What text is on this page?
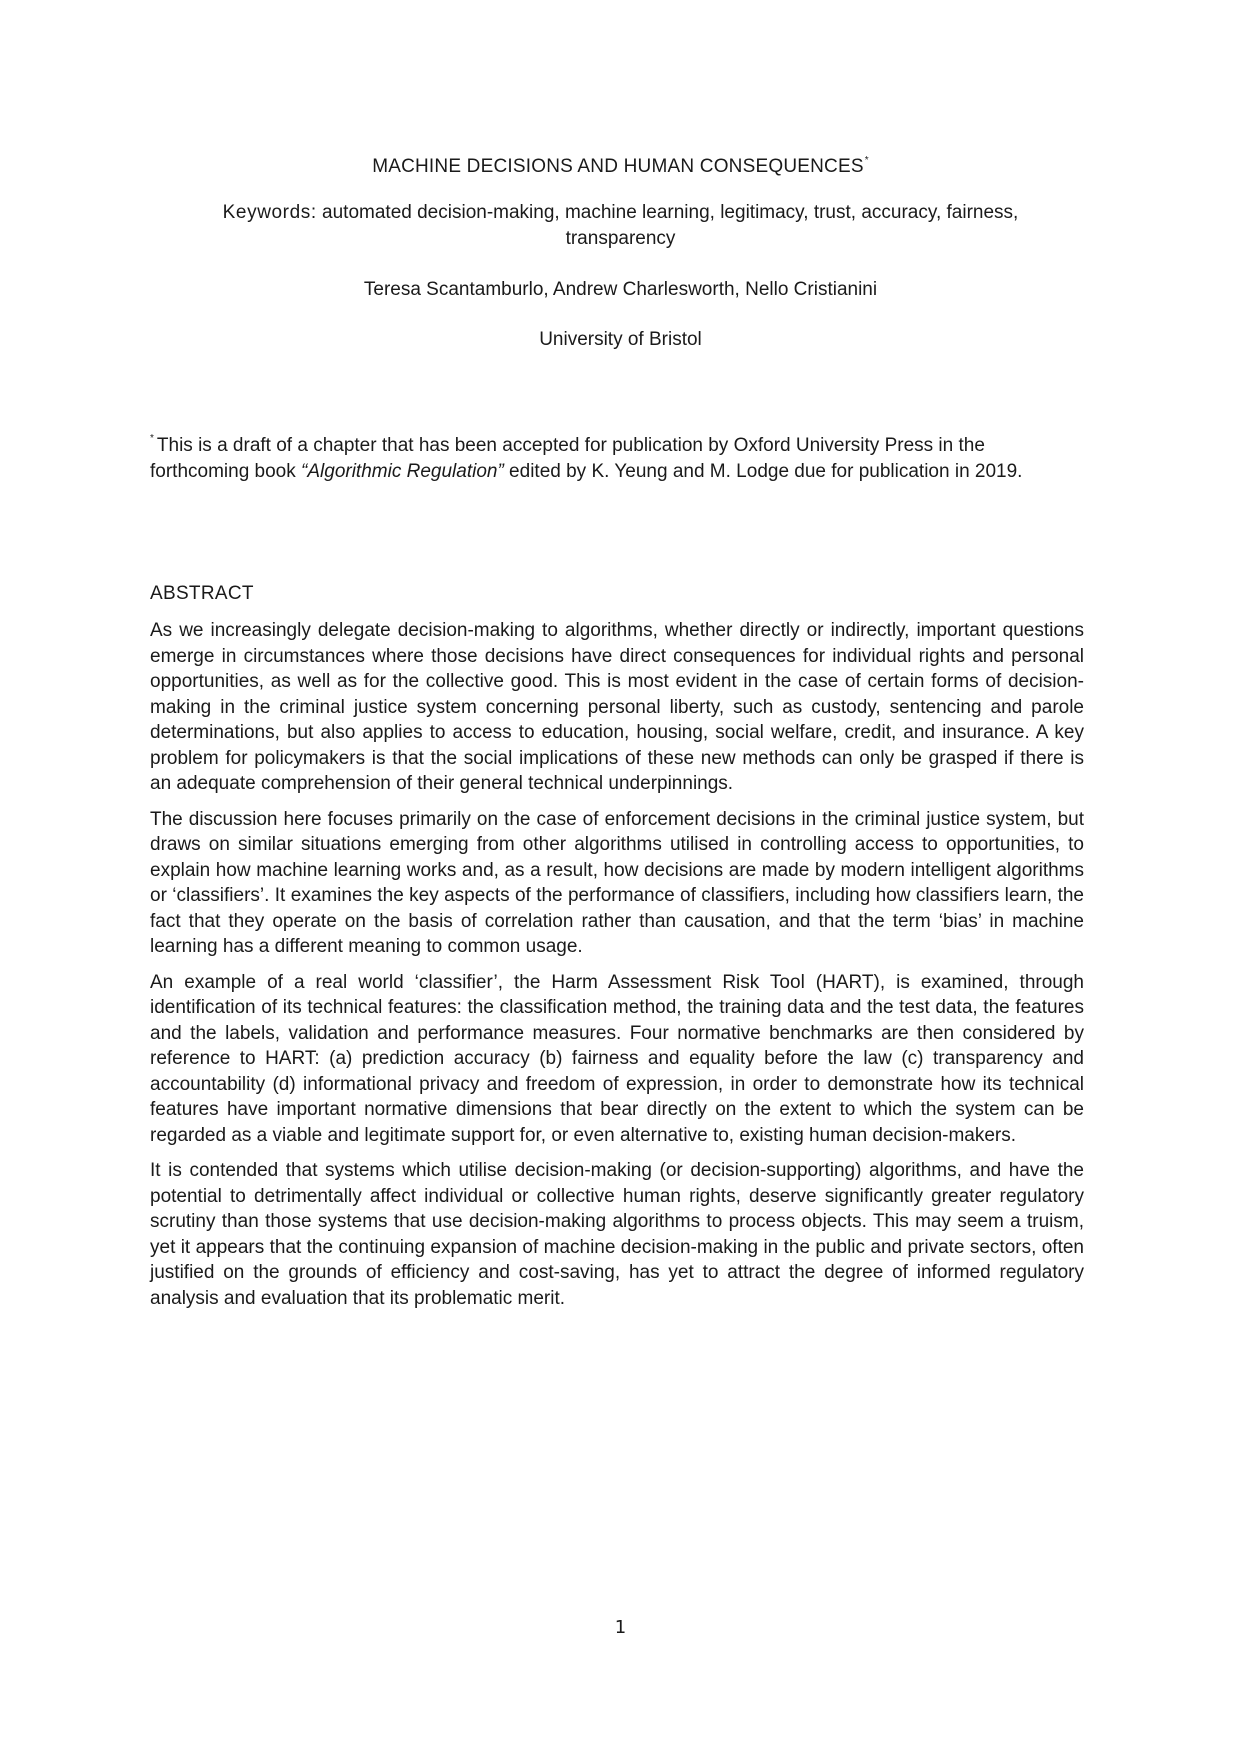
MACHINE DECISIONS AND HUMAN CONSEQUENCES*
Keywords: automated decision-making, machine learning, legitimacy, trust, accuracy, fairness,
transparency
Teresa Scantamburlo, Andrew Charlesworth, Nello Cristianini
University of Bristol
* This is a draft of a chapter that has been accepted for publication by Oxford University Press in the forthcoming book “Algorithmic Regulation” edited by K. Yeung and M. Lodge due for publication in 2019.
ABSTRACT

As we increasingly delegate decision-making to algorithms, whether directly or indirectly, important questions emerge in circumstances where those decisions have direct consequences for individual rights and personal opportunities, as well as for the collective good. This is most evident in the case of certain forms of decision-making in the criminal justice system concerning personal liberty, such as custody, sentencing and parole determinations, but also applies to access to education, housing, social welfare, credit, and insurance. A key problem for policymakers is that the social implications of these new methods can only be grasped if there is an adequate comprehension of their general technical underpinnings.

The discussion here focuses primarily on the case of enforcement decisions in the criminal justice system, but draws on similar situations emerging from other algorithms utilised in controlling access to opportunities, to explain how machine learning works and, as a result, how decisions are made by modern intelligent algorithms or ‘classifiers’. It examines the key aspects of the performance of classifiers, including how classifiers learn, the fact that they operate on the basis of correlation rather than causation, and that the term ‘bias’ in machine learning has a different meaning to common usage.

An example of a real world ‘classifier’, the Harm Assessment Risk Tool (HART), is examined, through identification of its technical features: the classification method, the training data and the test data, the features and the labels, validation and performance measures. Four normative benchmarks are then considered by reference to HART: (a) prediction accuracy (b) fairness and equality before the law (c) transparency and accountability (d) informational privacy and freedom of expression, in order to demonstrate how its technical features have important normative dimensions that bear directly on the extent to which the system can be regarded as a viable and legitimate support for, or even alternative to, existing human decision-makers.

It is contended that systems which utilise decision-making (or decision-supporting) algorithms, and have the potential to detrimentally affect individual or collective human rights, deserve significantly greater regulatory scrutiny than those systems that use decision-making algorithms to process objects. This may seem a truism, yet it appears that the continuing expansion of machine decision-making in the public and private sectors, often justified on the grounds of efficiency and cost-saving, has yet to attract the degree of informed regulatory analysis and evaluation that its problematic merit.

1
